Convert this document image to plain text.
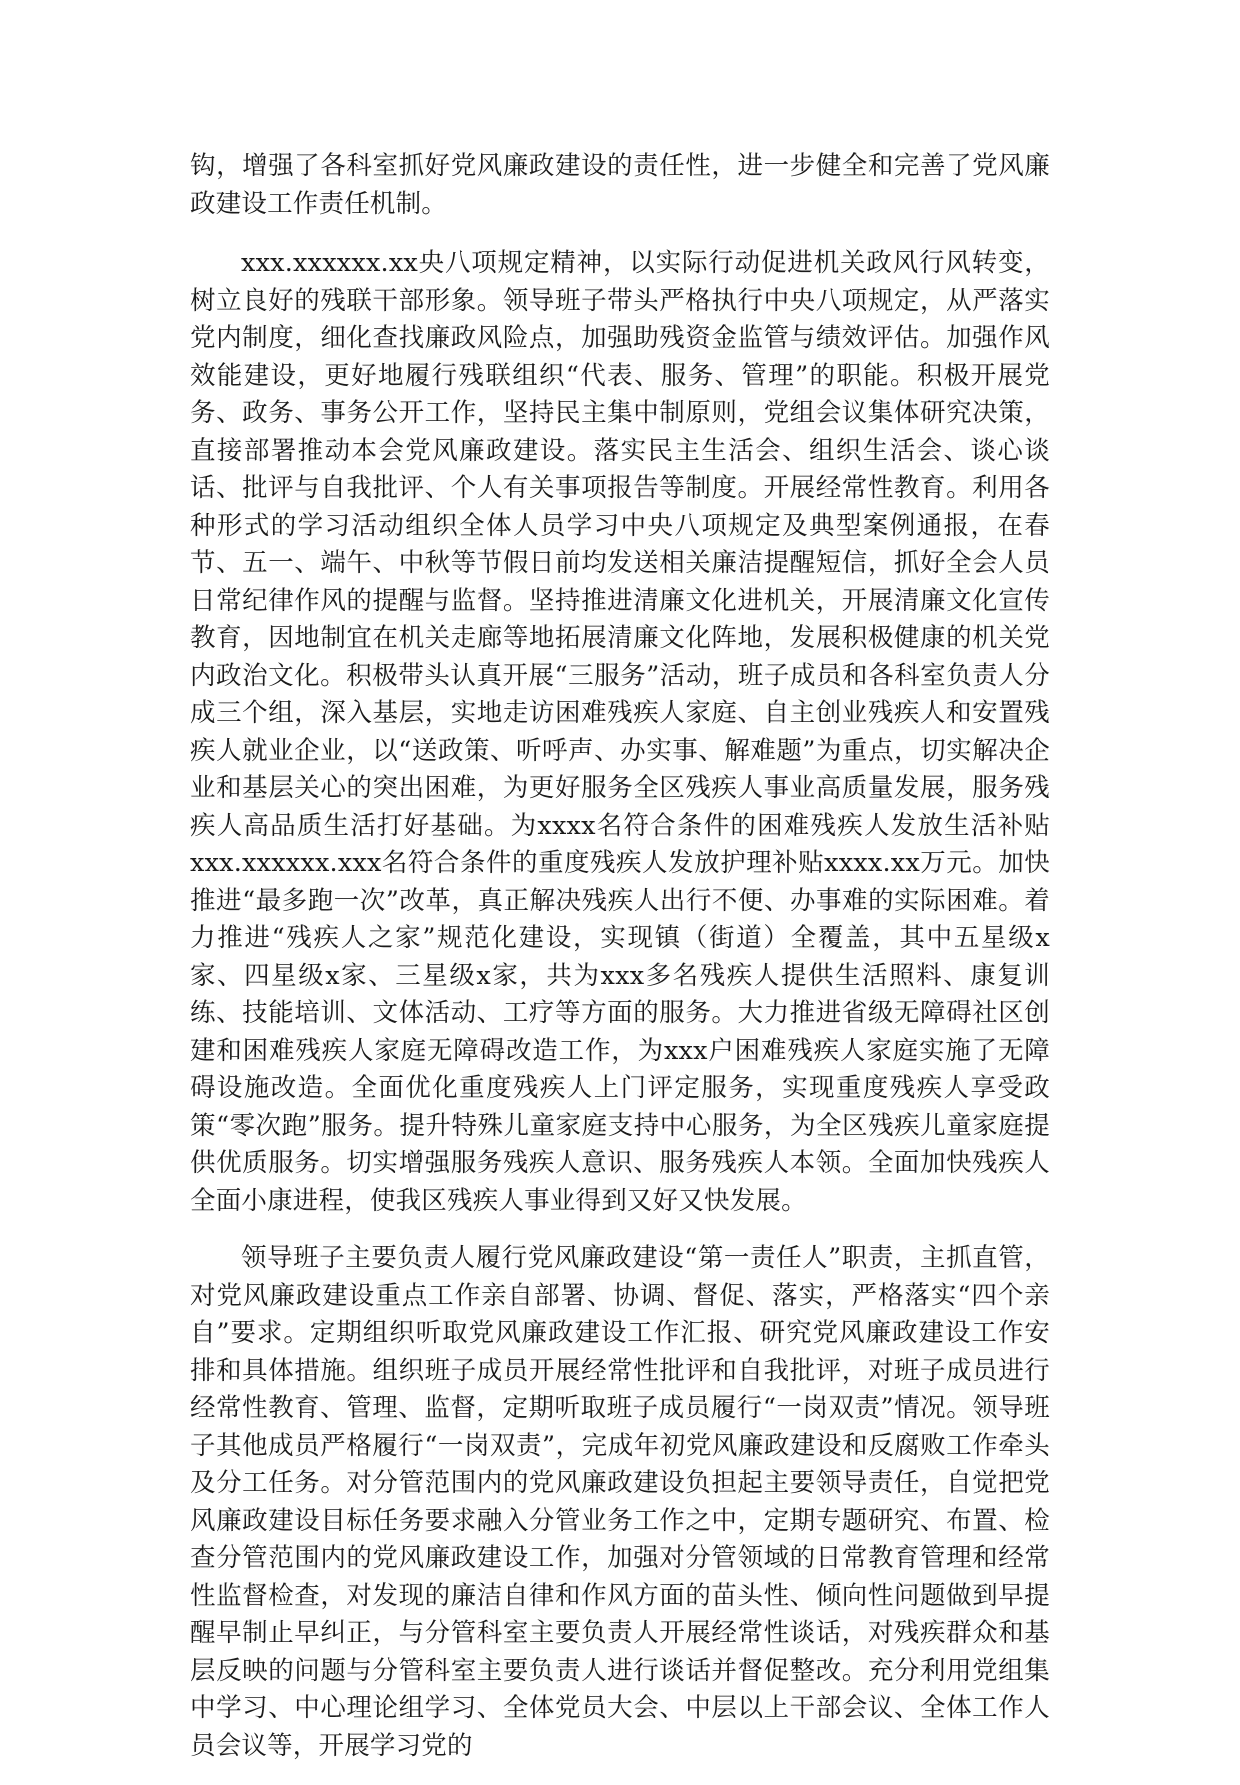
钩，增强了各科室抓好党风廉政建设的责任性，进一步健全和完善了党风廉政建设工作责任机制。

xxx.xxxxxx.xx央八项规定精神，以实际行动促进机关政风行风转变，树立良好的残联干部形象。领导班子带头严格执行中央八项规定，从严落实党内制度，细化查找廉政风险点，加强助残资金监管与绩效评估。加强作风效能建设，更好地履行残联组织“代表、服务、管理”的职能。积极开展党务、政务、事务公开工作，坚持民主集中制原则，党组会议集体研究决策，直接部署推动本会党风廉政建设。落实民主生活会、组织生活会、谈心谈话、批评与自我批评、个人有关事项报告等制度。开展经常性教育。利用各种形式的学习活动组织全体人员学习中央八项规定及典型案例通报，在春节、五一、端午、中秋等节假日前均发送相关廉洁提醒短信，抓好全会人员日常纪律作风的提醒与监督。坚持推进清廉文化进机关，开展清廉文化宣传教育，因地制宜在机关走廊等地拓展清廉文化阵地，发展积极健康的机关党内政治文化。积极带头认真开展“三服务”活动，班子成员和各科室负责人分成三个组，深入基层，实地走访困难残疾人家庭、自主创业残疾人和安置残疾人就业企业，以“送政策、听呼声、办实事、解难题”为重点，切实解决企业和基层关心的突出困难，为更好服务全区残疾人事业高质量发展，服务残疾人高品质生活打好基础。为xxxx名符合条件的困难残疾人发放生活补贴xxx.xxxxxx.xxx名符合条件的重度残疾人发放护理补贴xxxx.xx万元。加快推进“最多跑一次”改革，真正解决残疾人出行不便、办事难的实际困难。着力推进“残疾人之家”规范化建设，实现镇（街道）全覆盖，其中五星级x家、四星级x家、三星级x家，共为xxx多名残疾人提供生活照料、康复训练、技能培训、文体活动、工疗等方面的服务。大力推进省级无障碍社区创建和困难残疾人家庭无障碍改造工作，为xxx户困难残疾人家庭实施了无障碍设施改造。全面优化重度残疾人上门评定服务，实现重度残疾人享受政策“零次跑”服务。提升特殊儿童家庭支持中心服务，为全区残疾儿童家庭提供优质服务。切实增强服务残疾人意识、服务残疾人本领。全面加快残疾人全面小康进程，使我区残疾人事业得到又好又快发展。

领导班子主要负责人履行党风廉政建设“第一责任人”职责，主抓直管，对党风廉政建设重点工作亲自部署、协调、督促、落实，严格落实“四个亲自”要求。定期组织听取党风廉政建设工作汇报、研究党风廉政建设工作安排和具体措施。组织班子成员开展经常性批评和自我批评，对班子成员进行经常性教育、管理、监督，定期听取班子成员履行“一岗双责”情况。领导班子其他成员严格履行“一岗双责”，完成年初党风廉政建设和反腐败工作牵头及分工任务。对分管范围内的党风廉政建设负担起主要领导责任，自觉把党风廉政建设目标任务要求融入分管业务工作之中，定期专题研究、布置、检查分管范围内的党风廉政建设工作，加强对分管领域的日常教育管理和经常性监督检查，对发现的廉洁自律和作风方面的苗头性、倾向性问题做到早提醒早制止早纠正，与分管科室主要负责人开展经常性谈话，对残疾群众和基层反映的问题与分管科室主要负责人进行谈话并督促整改。充分利用党组集中学习、中心理论组学习、全体党员大会、中层以上干部会议、全体工作人员会议等，开展学习党的
